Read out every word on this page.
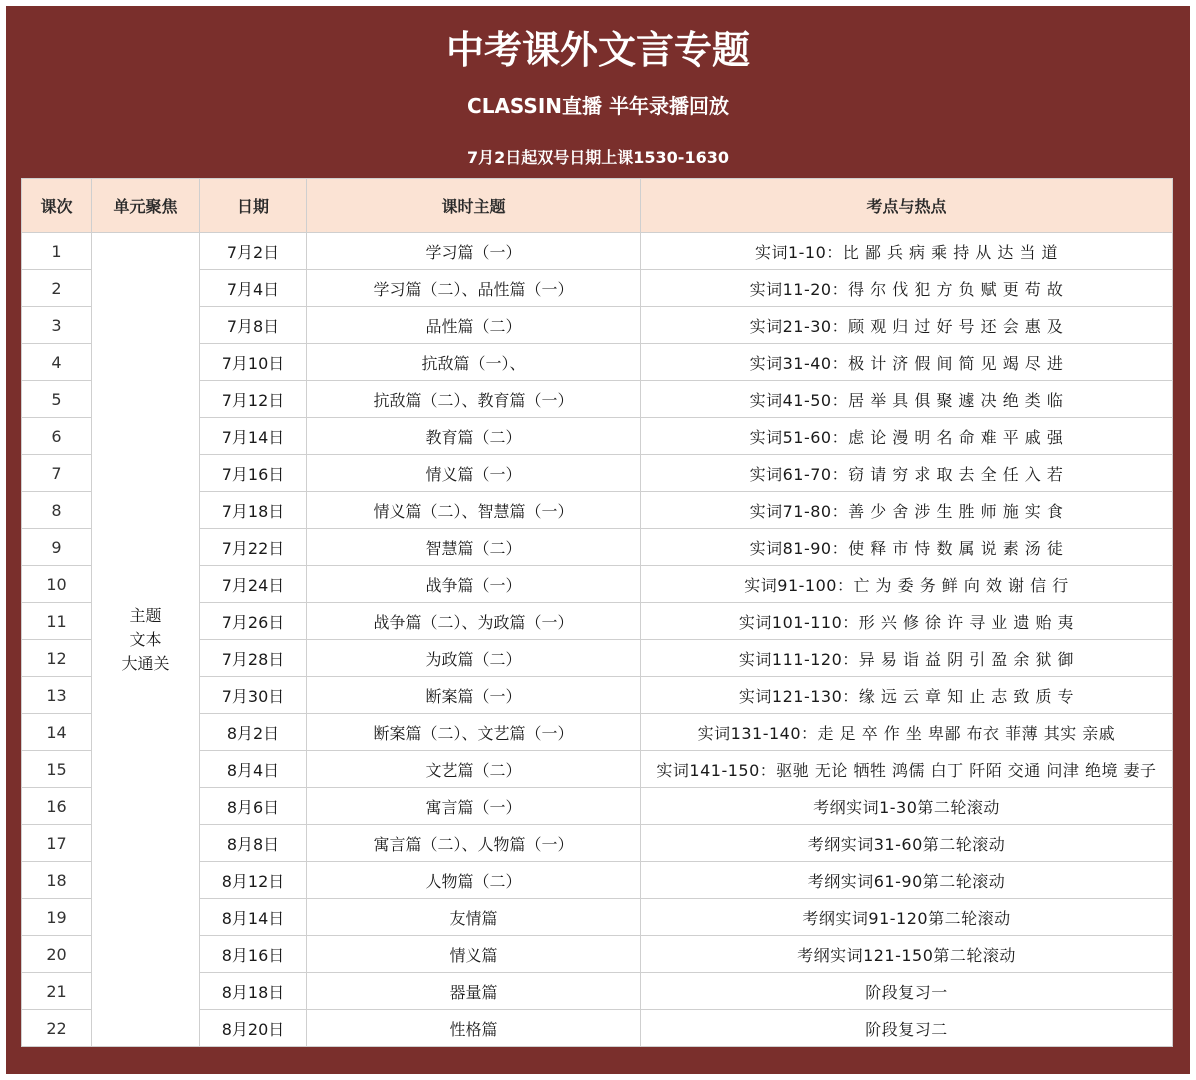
中考课外文言专题
CLASSIN直播 半年录播回放
7月2日起双号日期上课1530-1630
课次	单元聚焦	日期	课时主题	考点与热点
1	主题
文本
大通关	7月2日	学习篇（一）	实词1-10：比 鄙 兵 病 乘 持 从 达 当 道
2		7月4日	学习篇（二）、品性篇（一）	实词11-20：得 尔 伐 犯 方 负 赋 更 苟 故
3		7月8日	品性篇（二）	实词21-30：顾 观 归 过 好 号 还 会 惠 及
4		7月10日	抗敌篇（一）、	实词31-40：极 计 济 假 间 简 见 竭 尽 进
5		7月12日	抗敌篇（二）、教育篇（一）	实词41-50：居 举 具 俱 聚 遽 决 绝 类 临
6		7月14日	教育篇（二）	实词51-60：虑 论 漫 明 名 命 难 平 戚 强
7		7月16日	情义篇（一）	实词61-70：窃 请 穷 求 取 去 全 任 入 若
8		7月18日	情义篇（二）、智慧篇（一）	实词71-80：善 少 舍 涉 生 胜 师 施 实 食
9		7月22日	智慧篇（二）	实词81-90：使 释 市 恃 数 属 说 素 汤 徒
10		7月24日	战争篇（一）	实词91-100：亡 为 委 务 鲜 向 效 谢 信 行
11		7月26日	战争篇（二）、为政篇（一）	实词101-110：形 兴 修 徐 许 寻 业 遗 贻 夷
12		7月28日	为政篇（二）	实词111-120：异 易 诣 益 阴 引 盈 余 狱 御
13		7月30日	断案篇（一）	实词121-130：缘 远 云 章 知 止 志 致 质 专
14		8月2日	断案篇（二）、文艺篇（一）	实词131-140：走 足 卒 作 坐 卑鄙 布衣 菲薄 其实 亲戚
15		8月4日	文艺篇（二）	实词141-150：驱驰 无论 牺牲 鸿儒 白丁 阡陌 交通 问津 绝境 妻子
16		8月6日	寓言篇（一）	考纲实词1-30第二轮滚动
17		8月8日	寓言篇（二）、人物篇（一）	考纲实词31-60第二轮滚动
18		8月12日	人物篇（二）	考纲实词61-90第二轮滚动
19		8月14日	友情篇	考纲实词91-120第二轮滚动
20		8月16日	情义篇	考纲实词121-150第二轮滚动
21		8月18日	器量篇	阶段复习一
22		8月20日	性格篇	阶段复习二
